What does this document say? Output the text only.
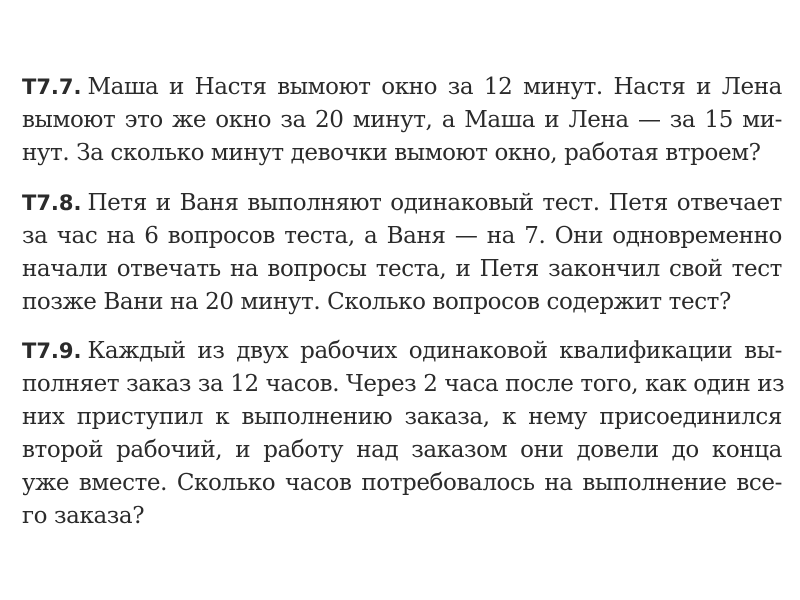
Т7.7. Маша и Настя вымоют окно за 12 минут. Настя и Лена
вымоют это же окно за 20 минут, а Маша и Лена — за 15 ми-
нут. За сколько минут девочки вымоют окно, работая втроем?
Т7.8. Петя и Ваня выполняют одинаковый тест. Петя отвечает
за час на 6 вопросов теста, а Ваня — на 7. Они одновременно
начали отвечать на вопросы теста, и Петя закончил свой тест
позже Вани на 20 минут. Сколько вопросов содержит тест?
Т7.9. Каждый из двух рабочих одинаковой квалификации вы-
полняет заказ за 12 часов. Через 2 часа после того, как один из
них приступил к выполнению заказа, к нему присоединился
второй рабочий, и работу над заказом они довели до конца
уже вместе. Сколько часов потребовалось на выполнение все-
го заказа?
